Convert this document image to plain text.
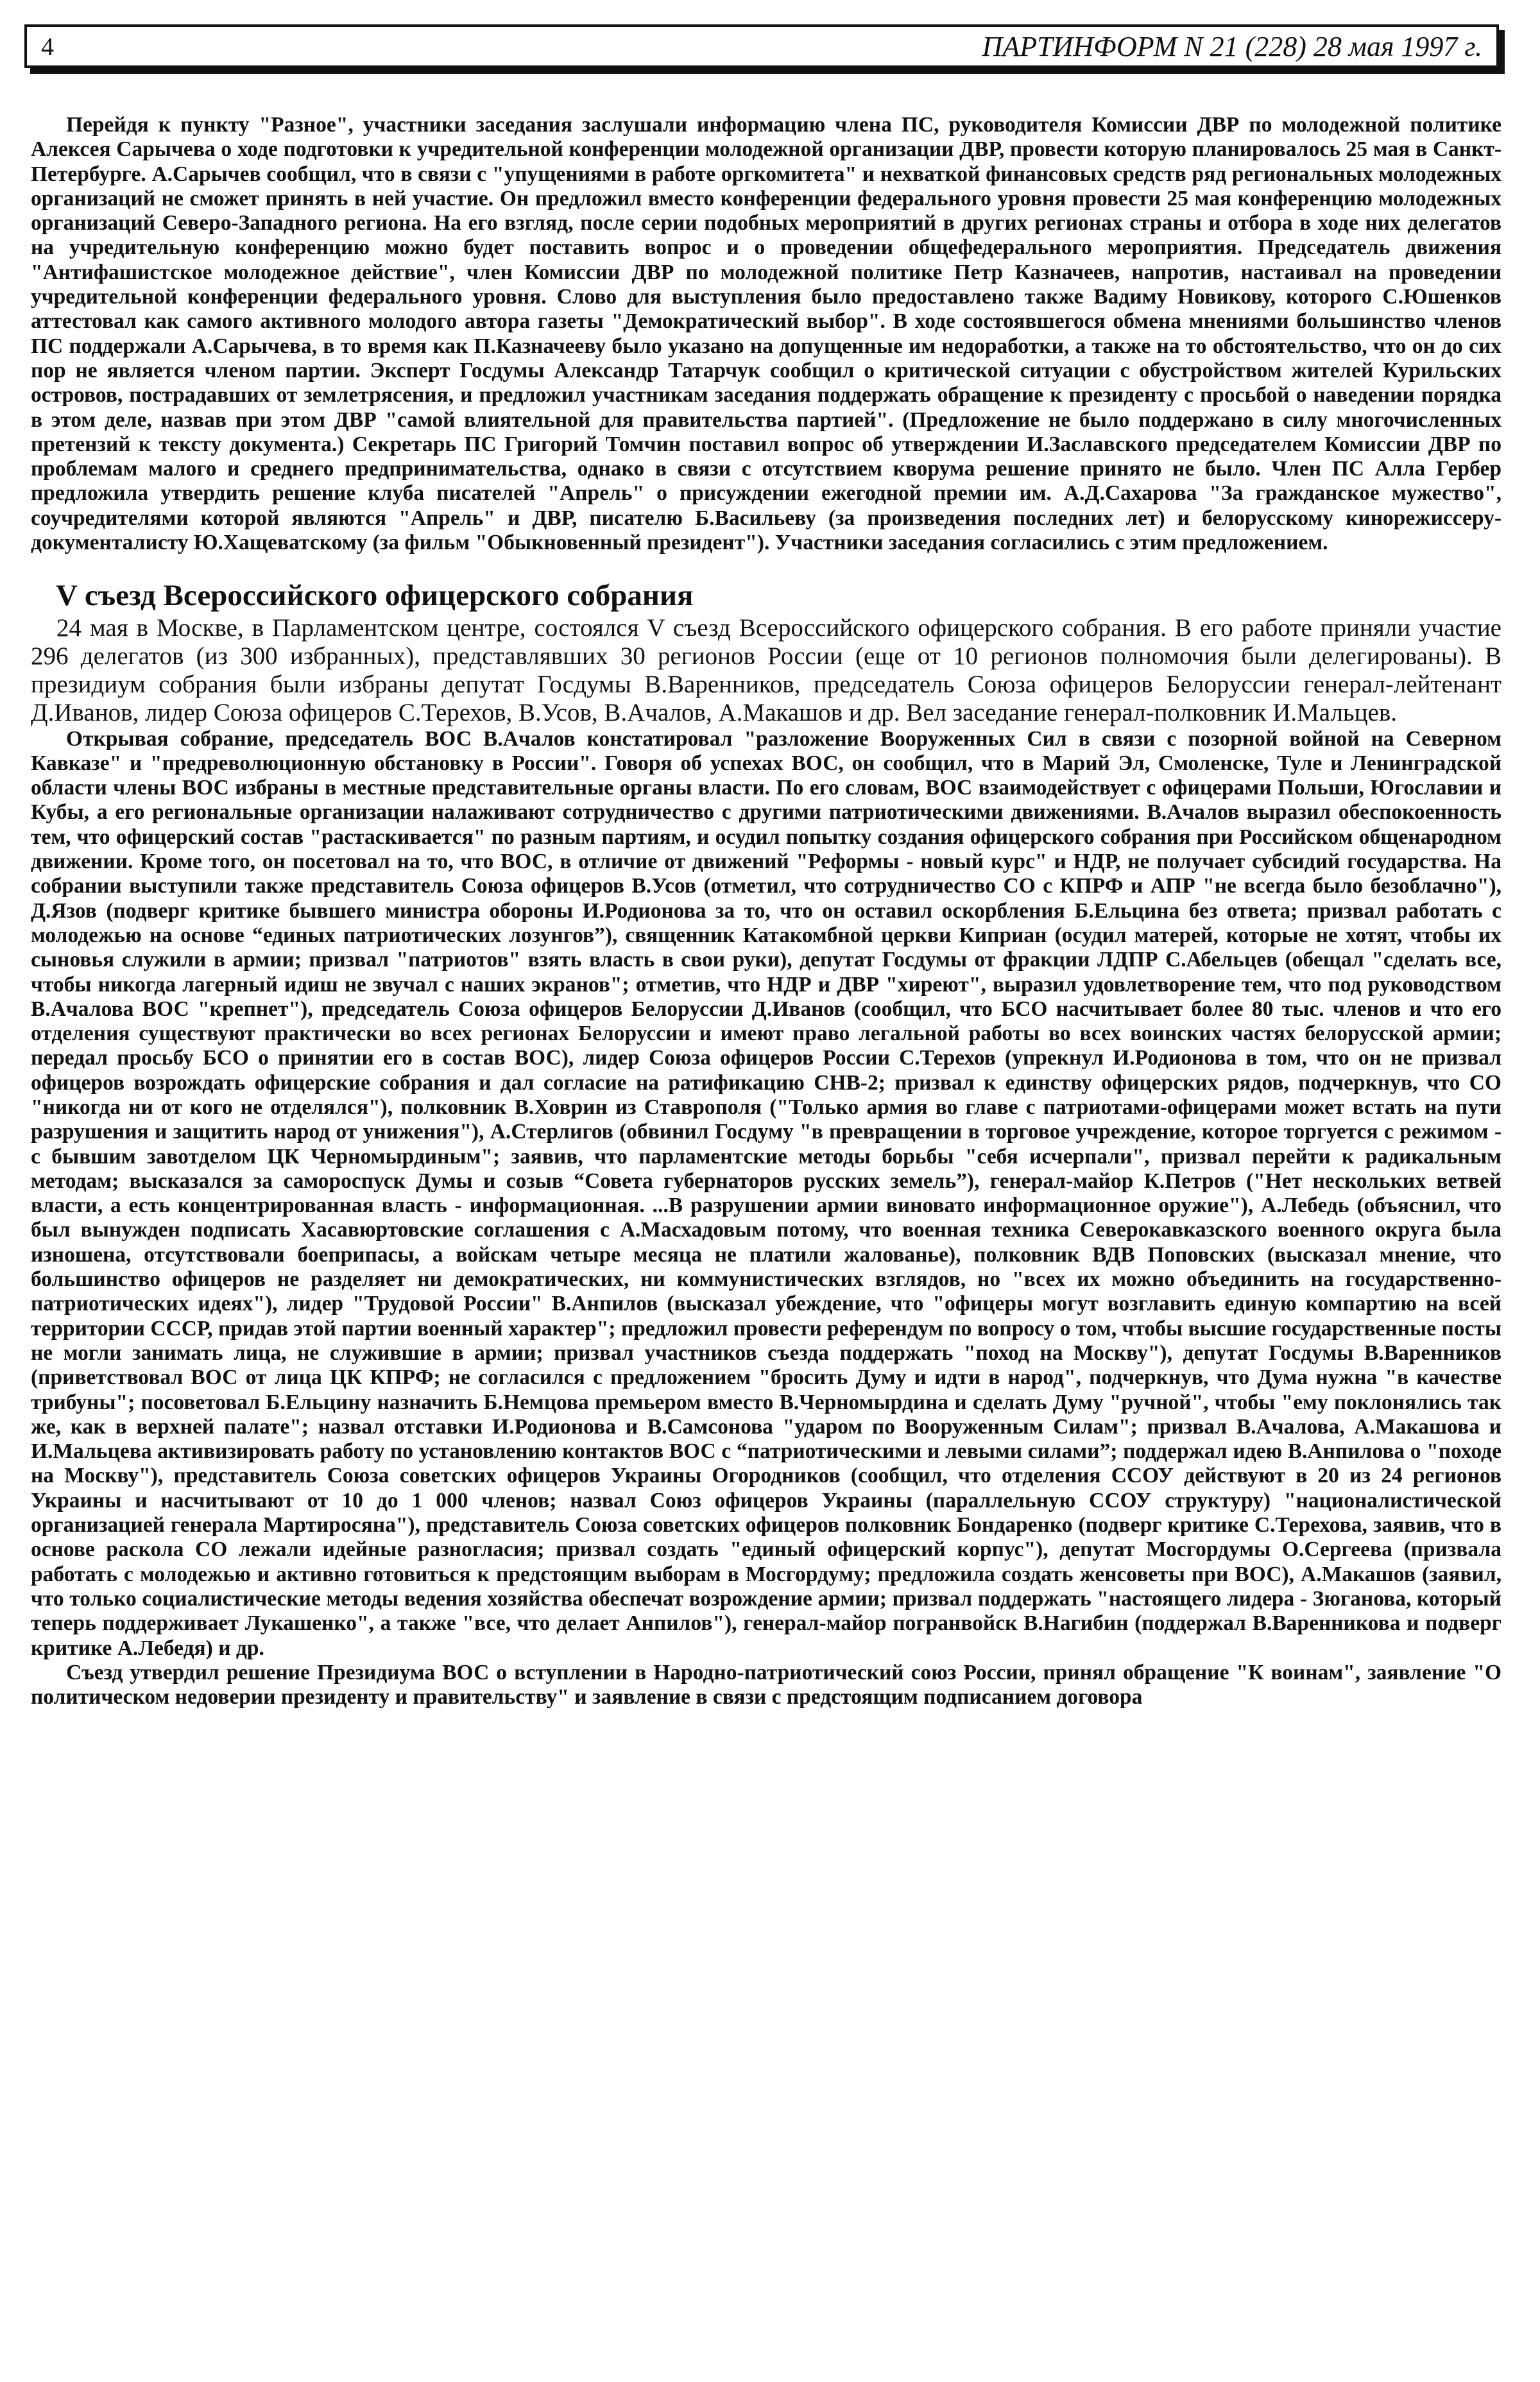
4	ПАРТИНФОРМ N 21 (228) 28 мая 1997 г.

Перейдя к пункту "Разное", участники заседания заслушали информацию члена ПС, руководителя Комиссии ДВР по молодежной политике Алексея Сарычева о ходе подготовки к учредительной конференции молодежной организации ДВР, провести которую планировалось 25 мая в Санкт-Петербурге. А.Сарычев сообщил, что в связи с "упущениями в работе оргкомитета" и нехваткой финансовых средств ряд региональных молодежных организаций не сможет принять в ней участие. Он предложил вместо конференции федерального уровня провести 25 мая конференцию молодежных организаций Северо-Западного региона. На его взгляд, после серии подобных мероприятий в других регионах страны и отбора в ходе них делегатов на учредительную конференцию можно будет поставить вопрос и о проведении общефедерального мероприятия. Председатель движения "Антифашистское молодежное действие", член Комиссии ДВР по молодежной политике Петр Казначеев, напротив, настаивал на проведении учредительной конференции федерального уровня. Слово для выступления было предоставлено также Вадиму Новикову, которого С.Юшенков аттестовал как самого активного молодого автора газеты "Демократический выбор". В ходе состоявшегося обмена мнениями большинство членов ПС поддержали А.Сарычева, в то время как П.Казначееву было указано на допущенные им недоработки, а также на то обстоятельство, что он до сих пор не является членом партии. Эксперт Госдумы Александр Татарчук сообщил о критической ситуации с обустройством жителей Курильских островов, пострадавших от землетрясения, и предложил участникам заседания поддержать обращение к президенту с просьбой о наведении порядка в этом деле, назвав при этом ДВР "самой влиятельной для правительства партией". (Предложение не было поддержано в силу многочисленных претензий к тексту документа.) Секретарь ПС Григорий Томчин поставил вопрос об утверждении И.Заславского председателем Комиссии ДВР по проблемам малого и среднего предпринимательства, однако в связи с отсутствием кворума решение принято не было. Член ПС Алла Гербер предложила утвердить решение клуба писателей "Апрель" о присуждении ежегодной премии им. А.Д.Сахарова "За гражданское мужество", соучредителями которой являются "Апрель" и ДВР, писателю Б.Васильеву (за произведения последних лет) и белорусскому кинорежиссеру-документалисту Ю.Хащеватскому (за фильм "Обыкновенный президент"). Участники заседания согласились с этим предложением.

V съезд Всероссийского офицерского собрания

24 мая в Москве, в Парламентском центре, состоялся V съезд Всероссийского офицерского собрания. В его работе приняли участие 296 делегатов (из 300 избранных), представлявших 30 регионов России (еще от 10 регионов полномочия были делегированы). В президиум собрания были избраны депутат Госдумы В.Варенников, председатель Союза офицеров Белоруссии генерал-лейтенант Д.Иванов, лидер Союза офицеров С.Терехов, В.Усов, В.Ачалов, А.Макашов и др. Вел заседание генерал-полковник И.Мальцев.

Открывая собрание, председатель ВОС В.Ачалов констатировал "разложение Вооруженных Сил в связи с позорной войной на Северном Кавказе" и "предреволюционную обстановку в России". Говоря об успехах ВОС, он сообщил, что в Марий Эл, Смоленске, Туле и Ленинградской области члены ВОС избраны в местные представительные органы власти. По его словам, ВОС взаимодействует с офицерами Польши, Югославии и Кубы, а его региональные организации налаживают сотрудничество с другими патриотическими движениями. В.Ачалов выразил обеспокоенность тем, что офицерский состав "растаскивается" по разным партиям, и осудил попытку создания офицерского собрания при Российском общенародном движении. Кроме того, он посетовал на то, что ВОС, в отличие от движений "Реформы - новый курс" и НДР, не получает субсидий государства. На собрании выступили также представитель Союза офицеров В.Усов (отметил, что сотрудничество СО с КПРФ и АПР "не всегда было безоблачно"), Д.Язов (подверг критике бывшего министра обороны И.Родионова за то, что он оставил оскорбления Б.Ельцина без ответа; призвал работать с молодежью на основе “единых патриотических лозунгов”), священник Катакомбной церкви Киприан (осудил матерей, которые не хотят, чтобы их сыновья служили в армии; призвал "патриотов" взять власть в свои руки), депутат Госдумы от фракции ЛДПР С.Абельцев (обещал "сделать все, чтобы никогда лагерный идиш не звучал с наших экранов"; отметив, что НДР и ДВР "хиреют", выразил удовлетворение тем, что под руководством В.Ачалова ВОС "крепнет"), председатель Союза офицеров Белоруссии Д.Иванов (сообщил, что БСО насчитывает более 80 тыс. членов и что его отделения существуют практически во всех регионах Белоруссии и имеют право легальной работы во всех воинских частях белорусской армии; передал просьбу БСО о принятии его в состав ВОС), лидер Союза офицеров России С.Терехов (упрекнул И.Родионова в том, что он не призвал офицеров возрождать офицерские собрания и дал согласие на ратификацию СНВ-2; призвал к единству офицерских рядов, подчеркнув, что СО "никогда ни от кого не отделялся"), полковник В.Ховрин из Ставрополя ("Только армия во главе с патриотами-офицерами может встать на пути разрушения и защитить народ от унижения"), А.Стерлигов (обвинил Госдуму "в превращении в торговое учреждение, которое торгуется с режимом - с бывшим завотделом ЦК Черномырдиным"; заявив, что парламентские методы борьбы "себя исчерпали", призвал перейти к радикальным методам; высказался за самороспуск Думы и созыв “Совета губернаторов русских земель”), генерал-майор К.Петров ("Нет нескольких ветвей власти, а есть концентрированная власть - информационная. ...В разрушении армии виновато информационное оружие"), А.Лебедь (объяснил, что был вынужден подписать Хасавюртовские соглашения с А.Масхадовым потому, что военная техника Северокавказского военного округа была изношена, отсутствовали боеприпасы, а войскам четыре месяца не платили жалованье), полковник ВДВ Поповских (высказал мнение, что большинство офицеров не разделяет ни демократических, ни коммунистических взглядов, но "всех их можно объединить на государственно-патриотических идеях"), лидер "Трудовой России" В.Анпилов (высказал убеждение, что "офицеры могут возглавить единую компартию на всей территории СССР, придав этой партии военный характер"; предложил провести референдум по вопросу о том, чтобы высшие государственные посты не могли занимать лица, не служившие в армии; призвал участников съезда поддержать "поход на Москву"), депутат Госдумы В.Варенников (приветствовал ВОС от лица ЦК КПРФ; не согласился с предложением "бросить Думу и идти в народ", подчеркнув, что Дума нужна "в качестве трибуны"; посоветовал Б.Ельцину назначить Б.Немцова премьером вместо В.Черномырдина и сделать Думу "ручной", чтобы "ему поклонялись так же, как в верхней палате"; назвал отставки И.Родионова и В.Самсонова "ударом по Вооруженным Силам"; призвал В.Ачалова, А.Макашова и И.Мальцева активизировать работу по установлению контактов ВОС с “патриотическими и левыми силами”; поддержал идею В.Анпилова о "походе на Москву"), представитель Союза советских офицеров Украины Огородников (сообщил, что отделения ССОУ действуют в 20 из 24 регионов Украины и насчитывают от 10 до 1 000 членов; назвал Союз офицеров Украины (параллельную ССОУ структуру) "националистической организацией генерала Мартиросяна"), представитель Союза советских офицеров полковник Бондаренко (подверг критике С.Терехова, заявив, что в основе раскола СО лежали идейные разногласия; призвал создать "единый офицерский корпус"), депутат Мосгордумы О.Сергеева (призвала работать с молодежью и активно готовиться к предстоящим выборам в Мосгордуму; предложила создать женсоветы при ВОС), А.Макашов (заявил, что только социалистические методы ведения хозяйства обеспечат возрождение армии; призвал поддержать "настоящего лидера - Зюганова, который теперь поддерживает Лукашенко", а также "все, что делает Анпилов"), генерал-майор погранвойск В.Нагибин (поддержал В.Варенникова и подверг критике А.Лебедя) и др.

Съезд утвердил решение Президиума ВОС о вступлении в Народно-патриотический союз России, принял обращение "К воинам", заявление "О политическом недоверии президенту и правительству" и заявление в связи с предстоящим подписанием договора
